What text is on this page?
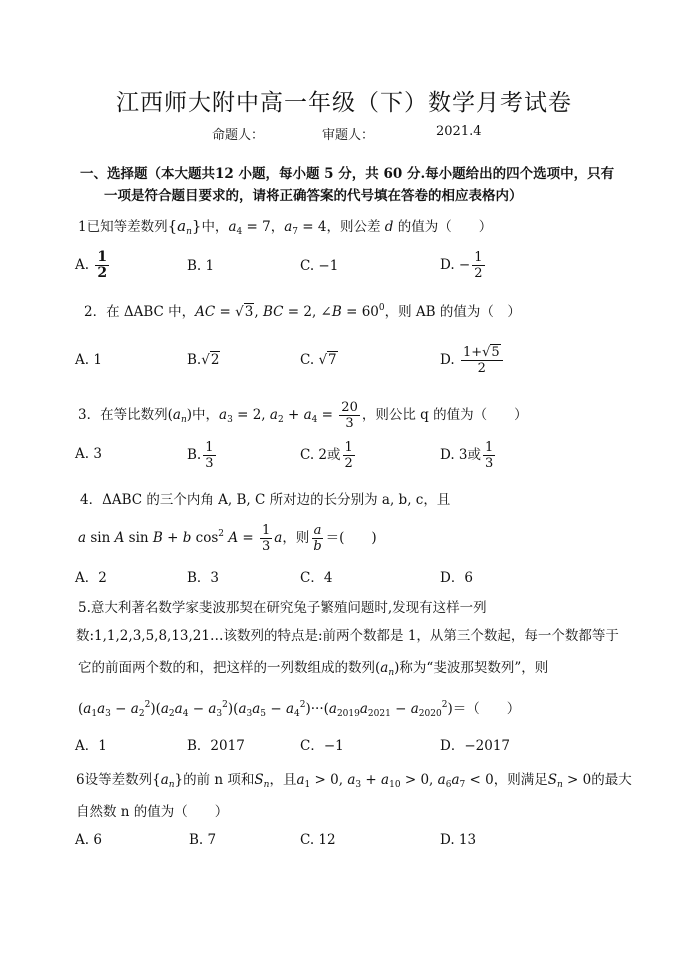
江西师大附中高一年级（下）数学月考试卷
命题人：	审题人：	2021.4
一、选择题（本大题共12 小题，每小题 5 分，共 60 分.每小题给出的四个选项中，只有
一项是符合题目要求的，请将正确答案的代号填在答卷的相应表格内）
1已知等差数列$\{a_n\}$中，$a_4 = 7$，$a_7 = 4$，则公差 d 的值为（　　）
A. $\frac{1}{2}$	B. 1	C. −1	D. − $\frac{1}{2}$
2．在 ΔABC 中，AC = √3, BC = 2, ∠B = $60^0$，则 AB 的值为（　）
A. 1	B.√2	C. √7	D. $\frac{1+√5}{2}$
3．在等比数列$(a_n)$中，$a_3 = 2$, $a_2 + a_4 = \frac{20}{3}$ ，则公比 q 的值为（　　）
A. 3	B. $\frac{1}{3}$	C. 2或 $\frac{1}{2}$	D. 3或 $\frac{1}{3}$
4．ΔABC 的三个内角 A, B, C 所对边的长分别为 a, b, c，且
a sin A sin B + b $\cos^2 A = \frac{1}{3}$ a，则 $\frac{a}{b}$ ＝(　　)
A．2	B．3	C．4	D．6
5.意大利著名数学家斐波那契在研究兔子繁殖问题时,发现有这样一列
数:1,1,2,3,5,8,13,21…该数列的特点是:前两个数都是 1，从第三个数起，每一个数都等于
它的前面两个数的和，把这样的一列数组成的数列$(a_n)$称为“斐波那契数列”，则
$(a_1a_3 - a_2^2)(a_2a_4 - a_3^2)(a_3a_5 - a_4^2)\cdot\cdot\cdot(a_{2019}a_{2021} - a_{2020}^2)=$（　　）
A．1	B．2017	C．−1	D．−2017
6设等差数列$\{a_n\}$的前 n 项和$S_n$，且$a_1 > 0$, $a_3 + a_{10} > 0$, $a_6a_7 < 0$，则满足$S_n > 0$的最大
自然数 n 的值为（　　）
A. 6	B. 7	C. 12	D. 13
